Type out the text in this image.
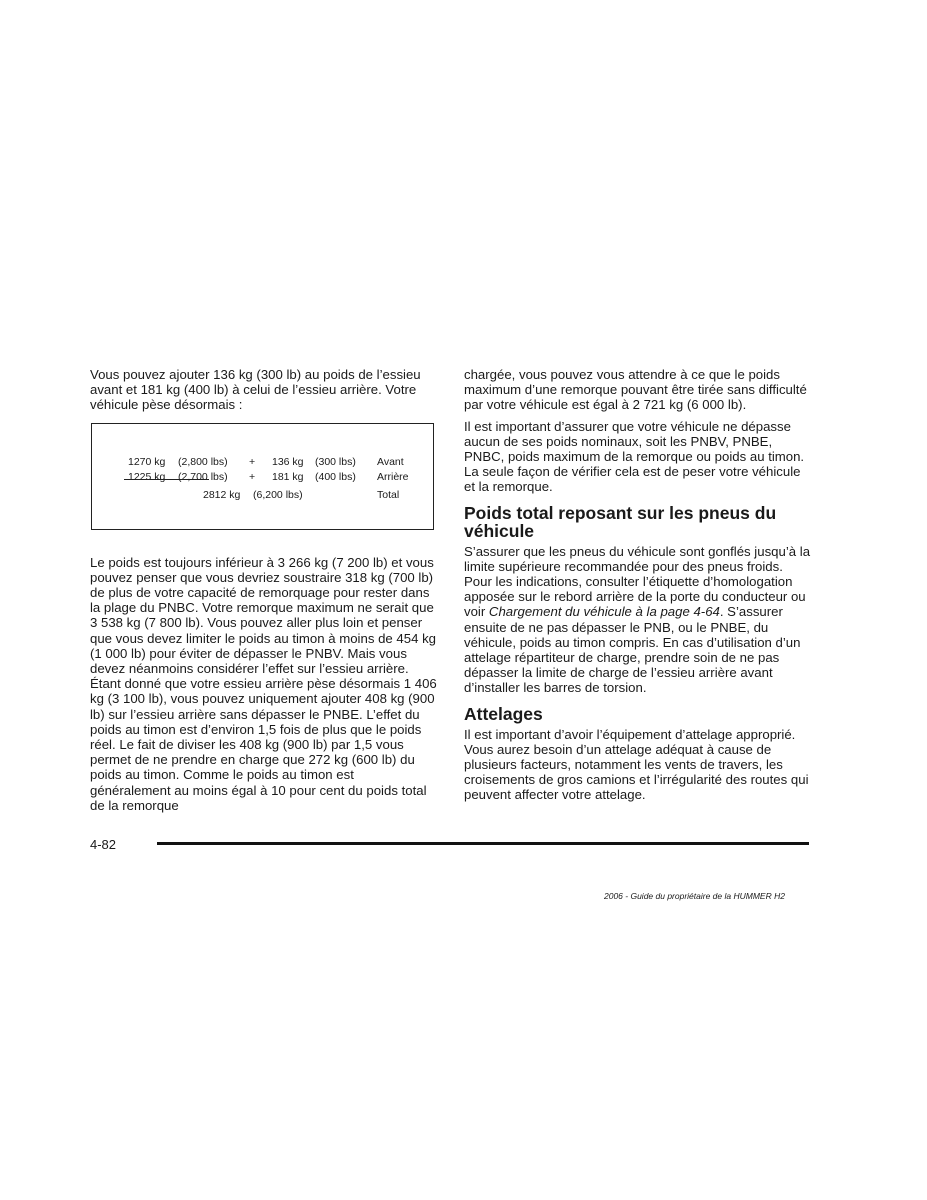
Vous pouvez ajouter 136 kg (300 lb) au poids de l’essieu avant et 181 kg (400 lb) à celui de l’essieu arrière. Votre véhicule pèse désormais :

1270 kg (2,800 lbs) + 136 kg (300 lbs) Avant
1225 kg (2,700 lbs) + 181 kg (400 lbs) Arrière
2812 kg (6,200 lbs)	Total

Le poids est toujours inférieur à 3 266 kg (7 200 lb) et vous pouvez penser que vous devriez soustraire 318 kg (700 lb) de plus de votre capacité de remorquage pour rester dans la plage du PNBC. Votre remorque maximum ne serait que 3 538 kg (7 800 lb). Vous pouvez aller plus loin et penser que vous devez limiter le poids au timon à moins de 454 kg (1 000 lb) pour éviter de dépasser le PNBV. Mais vous devez néanmoins considérer l’effet sur l’essieu arrière. Étant donné que votre essieu arrière pèse désormais 1 406 kg (3 100 lb), vous pouvez uniquement ajouter 408 kg (900 lb) sur l’essieu arrière sans dépasser le PNBE. L’effet du poids au timon est d’environ 1,5 fois de plus que le poids réel. Le fait de diviser les 408 kg (900 lb) par 1,5 vous permet de ne prendre en charge que 272 kg (600 lb) du poids au timon. Comme le poids au timon est généralement au moins égal à 10 pour cent du poids total de la remorque

chargée, vous pouvez vous attendre à ce que le poids maximum d’une remorque pouvant être tirée sans difficulté par votre véhicule est égal à 2 721 kg (6 000 lb).

Il est important d’assurer que votre véhicule ne dépasse aucun de ses poids nominaux, soit les PNBV, PNBE, PNBC, poids maximum de la remorque ou poids au timon. La seule façon de vérifier cela est de peser votre véhicule et la remorque.

Poids total reposant sur les pneus du véhicule

S’assurer que les pneus du véhicule sont gonflés jusqu’à la limite supérieure recommandée pour des pneus froids. Pour les indications, consulter l’étiquette d’homologation apposée sur le rebord arrière de la porte du conducteur ou voir Chargement du véhicule à la page 4-64. S’assurer ensuite de ne pas dépasser le PNB, ou le PNBE, du véhicule, poids au timon compris. En cas d’utilisation d’un attelage répartiteur de charge, prendre soin de ne pas dépasser la limite de charge de l’essieu arrière avant d’installer les barres de torsion.

Attelages

Il est important d’avoir l’équipement d’attelage approprié. Vous aurez besoin d’un attelage adéquat à cause de plusieurs facteurs, notamment les vents de travers, les croisements de gros camions et l’irrégularité des routes qui peuvent affecter votre attelage.

4-82
2006 - Guide du propriétaire de la HUMMER H2
